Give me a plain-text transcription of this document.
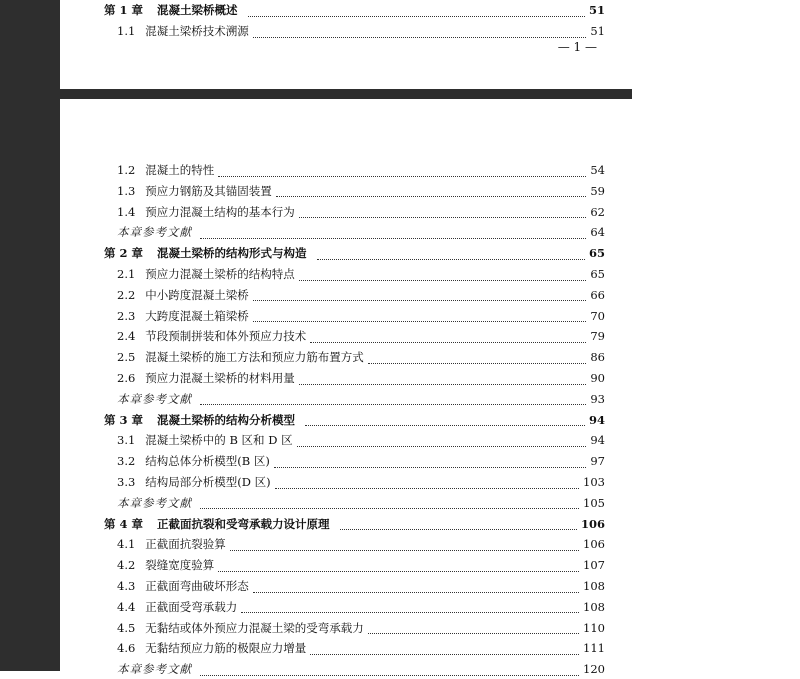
第 1 章 混凝土梁桥概述	51
1.1 混凝土梁桥技术溯源	51
— 1 —
1.2 混凝土的特性	54
1.3 预应力钢筋及其锚固装置	59
1.4 预应力混凝土结构的基本行为	62
本章参考文献	64
第 2 章 混凝土梁桥的结构形式与构造	65
2.1 预应力混凝土梁桥的结构特点	65
2.2 中小跨度混凝土梁桥	66
2.3 大跨度混凝土箱梁桥	70
2.4 节段预制拼装和体外预应力技术	79
2.5 混凝土梁桥的施工方法和预应力筋布置方式	86
2.6 预应力混凝土梁桥的材料用量	90
本章参考文献	93
第 3 章 混凝土梁桥的结构分析模型	94
3.1 混凝土梁桥中的 B 区和 D 区	94
3.2 结构总体分析模型(B 区)	97
3.3 结构局部分析模型(D 区)	103
本章参考文献	105
第 4 章 正截面抗裂和受弯承载力设计原理	106
4.1 正截面抗裂验算	106
4.2 裂缝宽度验算	107
4.3 正截面弯曲破坏形态	108
4.4 正截面受弯承载力	108
4.5 无黏结或体外预应力混凝土梁的受弯承载力	110
4.6 无黏结预应力筋的极限应力增量	111
本章参考文献	120
